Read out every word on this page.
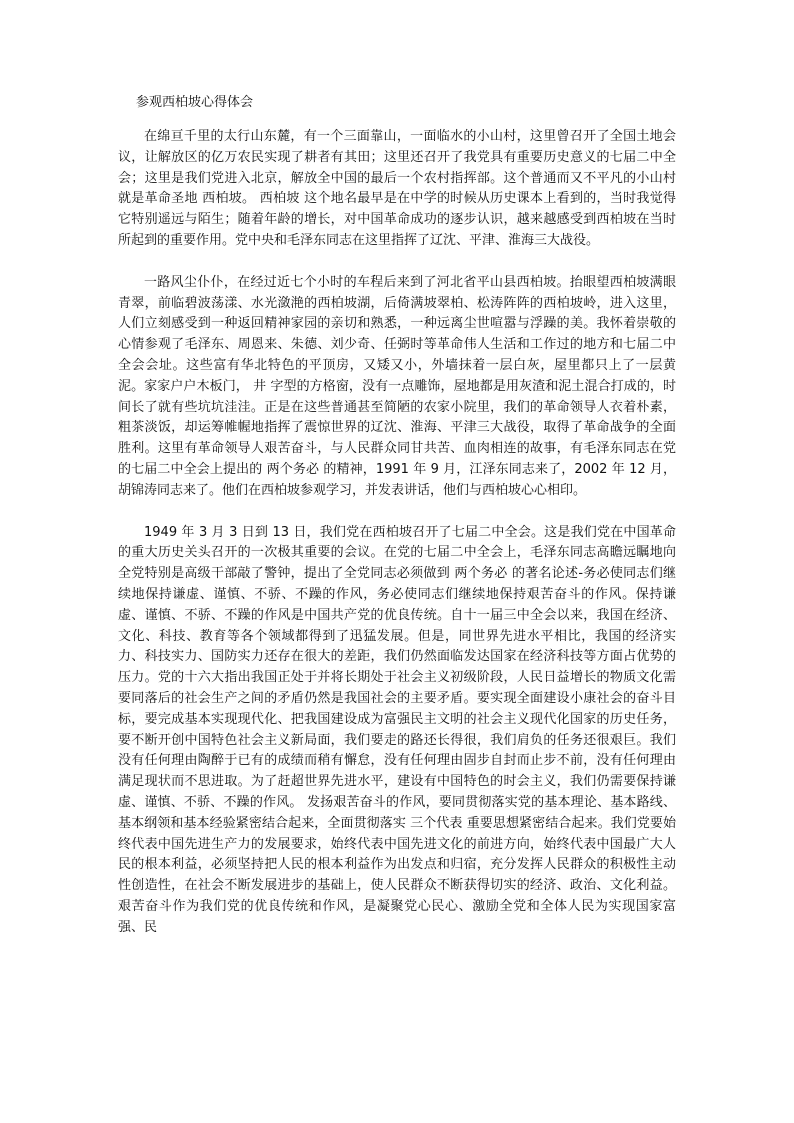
参观西柏坡心得体会

在绵亘千里的太行山东麓，有一个三面靠山，一面临水的小山村，这里曾召开了全国土地会议，让解放区的亿万农民实现了耕者有其田；这里还召开了我党具有重要历史意义的七届二中全会；这里是我们党进入北京，解放全中国的最后一个农村指挥部。这个普通而又不平凡的小山村就是革命圣地 西柏坡。 西柏坡 这个地名最早是在中学的时候从历史课本上看到的，当时我觉得它特别遥远与陌生；随着年龄的增长，对中国革命成功的逐步认识，越来越感受到西柏坡在当时所起到的重要作用。党中央和毛泽东同志在这里指挥了辽沈、平津、淮海三大战役。

一路风尘仆仆，在经过近七个小时的车程后来到了河北省平山县西柏坡。抬眼望西柏坡满眼青翠，前临碧波荡漾、水光潋滟的西柏坡湖，后倚满坡翠柏、松涛阵阵的西柏坡岭，进入这里，人们立刻感受到一种返回精神家园的亲切和熟悉，一种远离尘世喧嚣与浮躁的美。我怀着崇敬的心情参观了毛泽东、周恩来、朱德、刘少奇、任弼时等革命伟人生活和工作过的地方和七届二中全会会址。这些富有华北特色的平顶房，又矮又小，外墙抹着一层白灰，屋里都只上了一层黄泥。家家户户木板门， 井 字型的方格窗，没有一点雕饰，屋地都是用灰渣和泥土混合打成的，时间长了就有些坑坑洼洼。正是在这些普通甚至简陋的农家小院里，我们的革命领导人衣着朴素，粗茶淡饭，却运筹帷幄地指挥了震惊世界的辽沈、淮海、平津三大战役，取得了革命战争的全面胜利。这里有革命领导人艰苦奋斗，与人民群众同甘共苦、血肉相连的故事，有毛泽东同志在党的七届二中全会上提出的 两个务必 的精神，1991 年 9 月，江泽东同志来了，2002 年 12 月，胡锦涛同志来了。他们在西柏坡参观学习，并发表讲话，他们与西柏坡心心相印。

1949 年 3 月 3 日到 13 日，我们党在西柏坡召开了七届二中全会。这是我们党在中国革命的重大历史关头召开的一次极其重要的会议。在党的七届二中全会上，毛泽东同志高瞻远瞩地向全党特别是高级干部敲了警钟，提出了全党同志必须做到 两个务必 的著名论述-务必使同志们继续地保持谦虚、谨慎、不骄、不躁的作风，务必使同志们继续地保持艰苦奋斗的作风。保持谦虚、谨慎、不骄、不躁的作风是中国共产党的优良传统。自十一届三中全会以来，我国在经济、文化、科技、教育等各个领域都得到了迅猛发展。但是，同世界先进水平相比，我国的经济实力、科技实力、国防实力还存在很大的差距，我们仍然面临发达国家在经济科技等方面占优势的压力。党的十六大指出我国正处于并将长期处于社会主义初级阶段，人民日益增长的物质文化需要同落后的社会生产之间的矛盾仍然是我国社会的主要矛盾。要实现全面建设小康社会的奋斗目标，要完成基本实现现代化、把我国建设成为富强民主文明的社会主义现代化国家的历史任务，要不断开创中国特色社会主义新局面，我们要走的路还长得很，我们肩负的任务还很艰巨。我们没有任何理由陶醉于已有的成绩而稍有懈怠，没有任何理由固步自封而止步不前，没有任何理由满足现状而不思进取。为了赶超世界先进水平，建设有中国特色的时会主义，我们仍需要保持谦虚、谨慎、不骄、不躁的作风。 发扬艰苦奋斗的作风，要同贯彻落实党的基本理论、基本路线、基本纲领和基本经验紧密结合起来，全面贯彻落实 三个代表 重要思想紧密结合起来。我们党要始终代表中国先进生产力的发展要求，始终代表中国先进文化的前进方向，始终代表中国最广大人民的根本利益，必须坚持把人民的根本利益作为出发点和归宿，充分发挥人民群众的积极性主动性创造性，在社会不断发展进步的基础上，使人民群众不断获得切实的经济、政治、文化利益。艰苦奋斗作为我们党的优良传统和作风，是凝聚党心民心、激励全党和全体人民为实现国家富强、民
